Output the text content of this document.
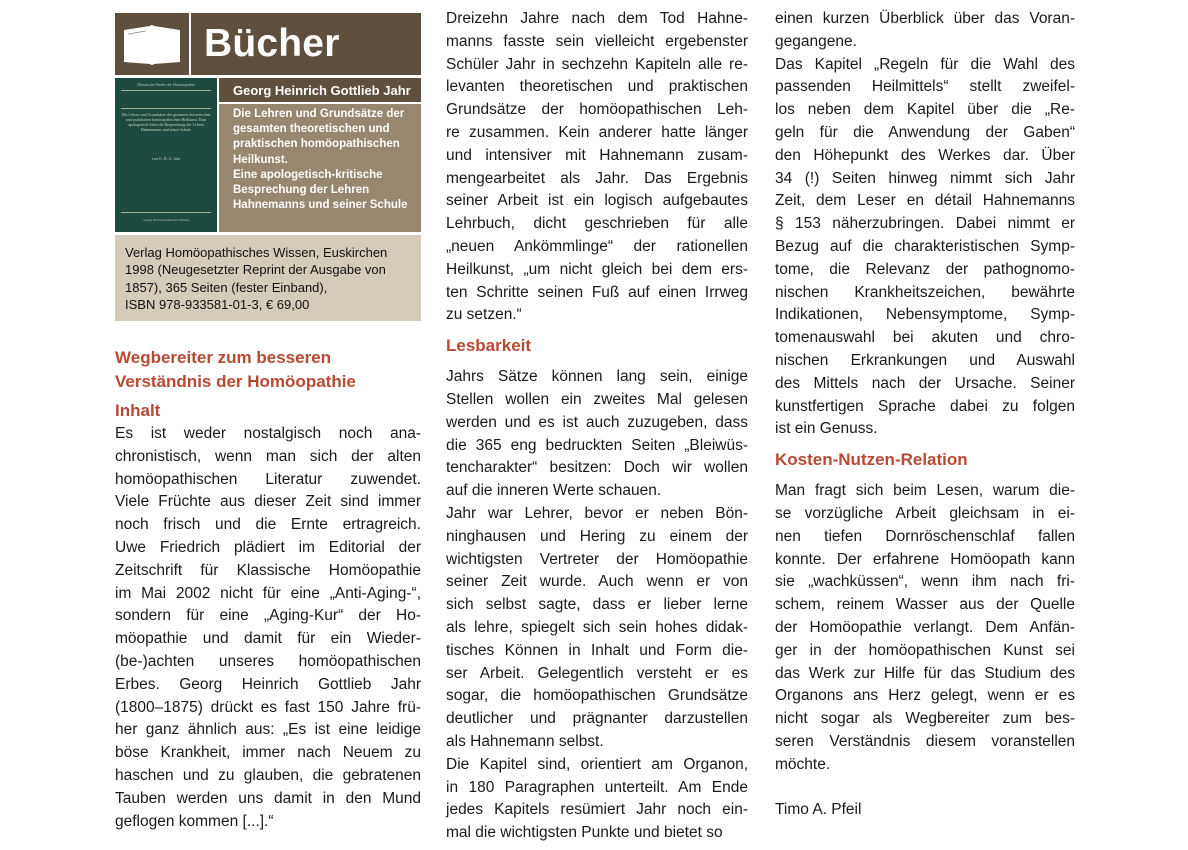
Bücher
Klassische Werke der Homöopathie
Die Lehren und Grundsätze der gesamten theoretischen und praktischen homöopathischen Heilkunst. Eine apologetisch-kritische Besprechung der Lehren Hahnemanns und seiner Schule
von G. H. G. Jahr
Verlag Homöopathisches Wissen
Georg Heinrich Gottlieb Jahr
Die Lehren und Grundsätze der
gesamten theoretischen und
praktischen homöopathischen
Heilkunst.
Eine apologetisch-kritische
Besprechung der Lehren
Hahnemanns und seiner Schule
Verlag Homöopathisches Wissen, Euskirchen
1998 (Neugesetzter Reprint der Ausgabe von
1857), 365 Seiten (fester Einband),
ISBN 978-933581-01-3, € 69,00
Wegbereiter zum besseren
Verständnis der Homöopathie
Inhalt
Es ist weder nostalgisch noch ana-
chronistisch, wenn man sich der alten
homöopathischen Literatur zuwendet.
Viele Früchte aus dieser Zeit sind immer
noch frisch und die Ernte ertragreich.
Uwe Friedrich plädiert im Editorial der
Zeitschrift für Klassische Homöopathie
im Mai 2002 nicht für eine „Anti-Aging-“,
sondern für eine „Aging-Kur“ der Ho-
möopathie und damit für ein Wieder-
(be-)achten unseres homöopathischen
Erbes. Georg Heinrich Gottlieb Jahr
(1800–1875) drückt es fast 150 Jahre frü-
her ganz ähnlich aus: „Es ist eine leidige
böse Krankheit, immer nach Neuem zu
haschen und zu glauben, die gebratenen
Tauben werden uns damit in den Mund
geflogen kommen [...].“
Dreizehn Jahre nach dem Tod Hahne-
manns fasste sein vielleicht ergebenster
Schüler Jahr in sechzehn Kapiteln alle re-
levanten theoretischen und praktischen
Grundsätze der homöopathischen Leh-
re zusammen. Kein anderer hatte länger
und intensiver mit Hahnemann zusam-
mengearbeitet als Jahr. Das Ergebnis
seiner Arbeit ist ein logisch aufgebautes
Lehrbuch, dicht geschrieben für alle
„neuen Ankömmlinge“ der rationellen
Heilkunst, „um nicht gleich bei dem ers-
ten Schritte seinen Fuß auf einen Irrweg
zu setzen.“
Lesbarkeit
Jahrs Sätze können lang sein, einige
Stellen wollen ein zweites Mal gelesen
werden und es ist auch zuzugeben, dass
die 365 eng bedruckten Seiten „Bleiwüs-
tencharakter“ besitzen: Doch wir wollen
auf die inneren Werte schauen.
Jahr war Lehrer, bevor er neben Bön-
ninghausen und Hering zu einem der
wichtigsten Vertreter der Homöopathie
seiner Zeit wurde. Auch wenn er von
sich selbst sagte, dass er lieber lerne
als lehre, spiegelt sich sein hohes didak-
tisches Können in Inhalt und Form die-
ser Arbeit. Gelegentlich versteht er es
sogar, die homöopathischen Grundsätze
deutlicher und prägnanter darzustellen
als Hahnemann selbst.
Die Kapitel sind, orientiert am Organon,
in 180 Paragraphen unterteilt. Am Ende
jedes Kapitels resümiert Jahr noch ein-
mal die wichtigsten Punkte und bietet so
einen kurzen Überblick über das Voran-
gegangene.
Das Kapitel „Regeln für die Wahl des
passenden Heilmittels“ stellt zweifel-
los neben dem Kapitel über die „Re-
geln für die Anwendung der Gaben“
den Höhepunkt des Werkes dar. Über
34 (!) Seiten hinweg nimmt sich Jahr
Zeit, dem Leser en détail Hahnemanns
§ 153 näherzubringen. Dabei nimmt er
Bezug auf die charakteristischen Symp-
tome, die Relevanz der pathognomo-
nischen Krankheitszeichen, bewährte
Indikationen, Nebensymptome, Symp-
tomenauswahl bei akuten und chro-
nischen Erkrankungen und Auswahl
des Mittels nach der Ursache. Seiner
kunstfertigen Sprache dabei zu folgen
ist ein Genuss.
Kosten-Nutzen-Relation
Man fragt sich beim Lesen, warum die-
se vorzügliche Arbeit gleichsam in ei-
nen tiefen Dornröschenschlaf fallen
konnte. Der erfahrene Homöopath kann
sie „wachküssen“, wenn ihm nach fri-
schem, reinem Wasser aus der Quelle
der Homöopathie verlangt. Dem Anfän-
ger in der homöopathischen Kunst sei
das Werk zur Hilfe für das Studium des
Organons ans Herz gelegt, wenn er es
nicht sogar als Wegbereiter zum bes-
seren Verständnis diesem voranstellen
möchte.
Timo A. Pfeil
